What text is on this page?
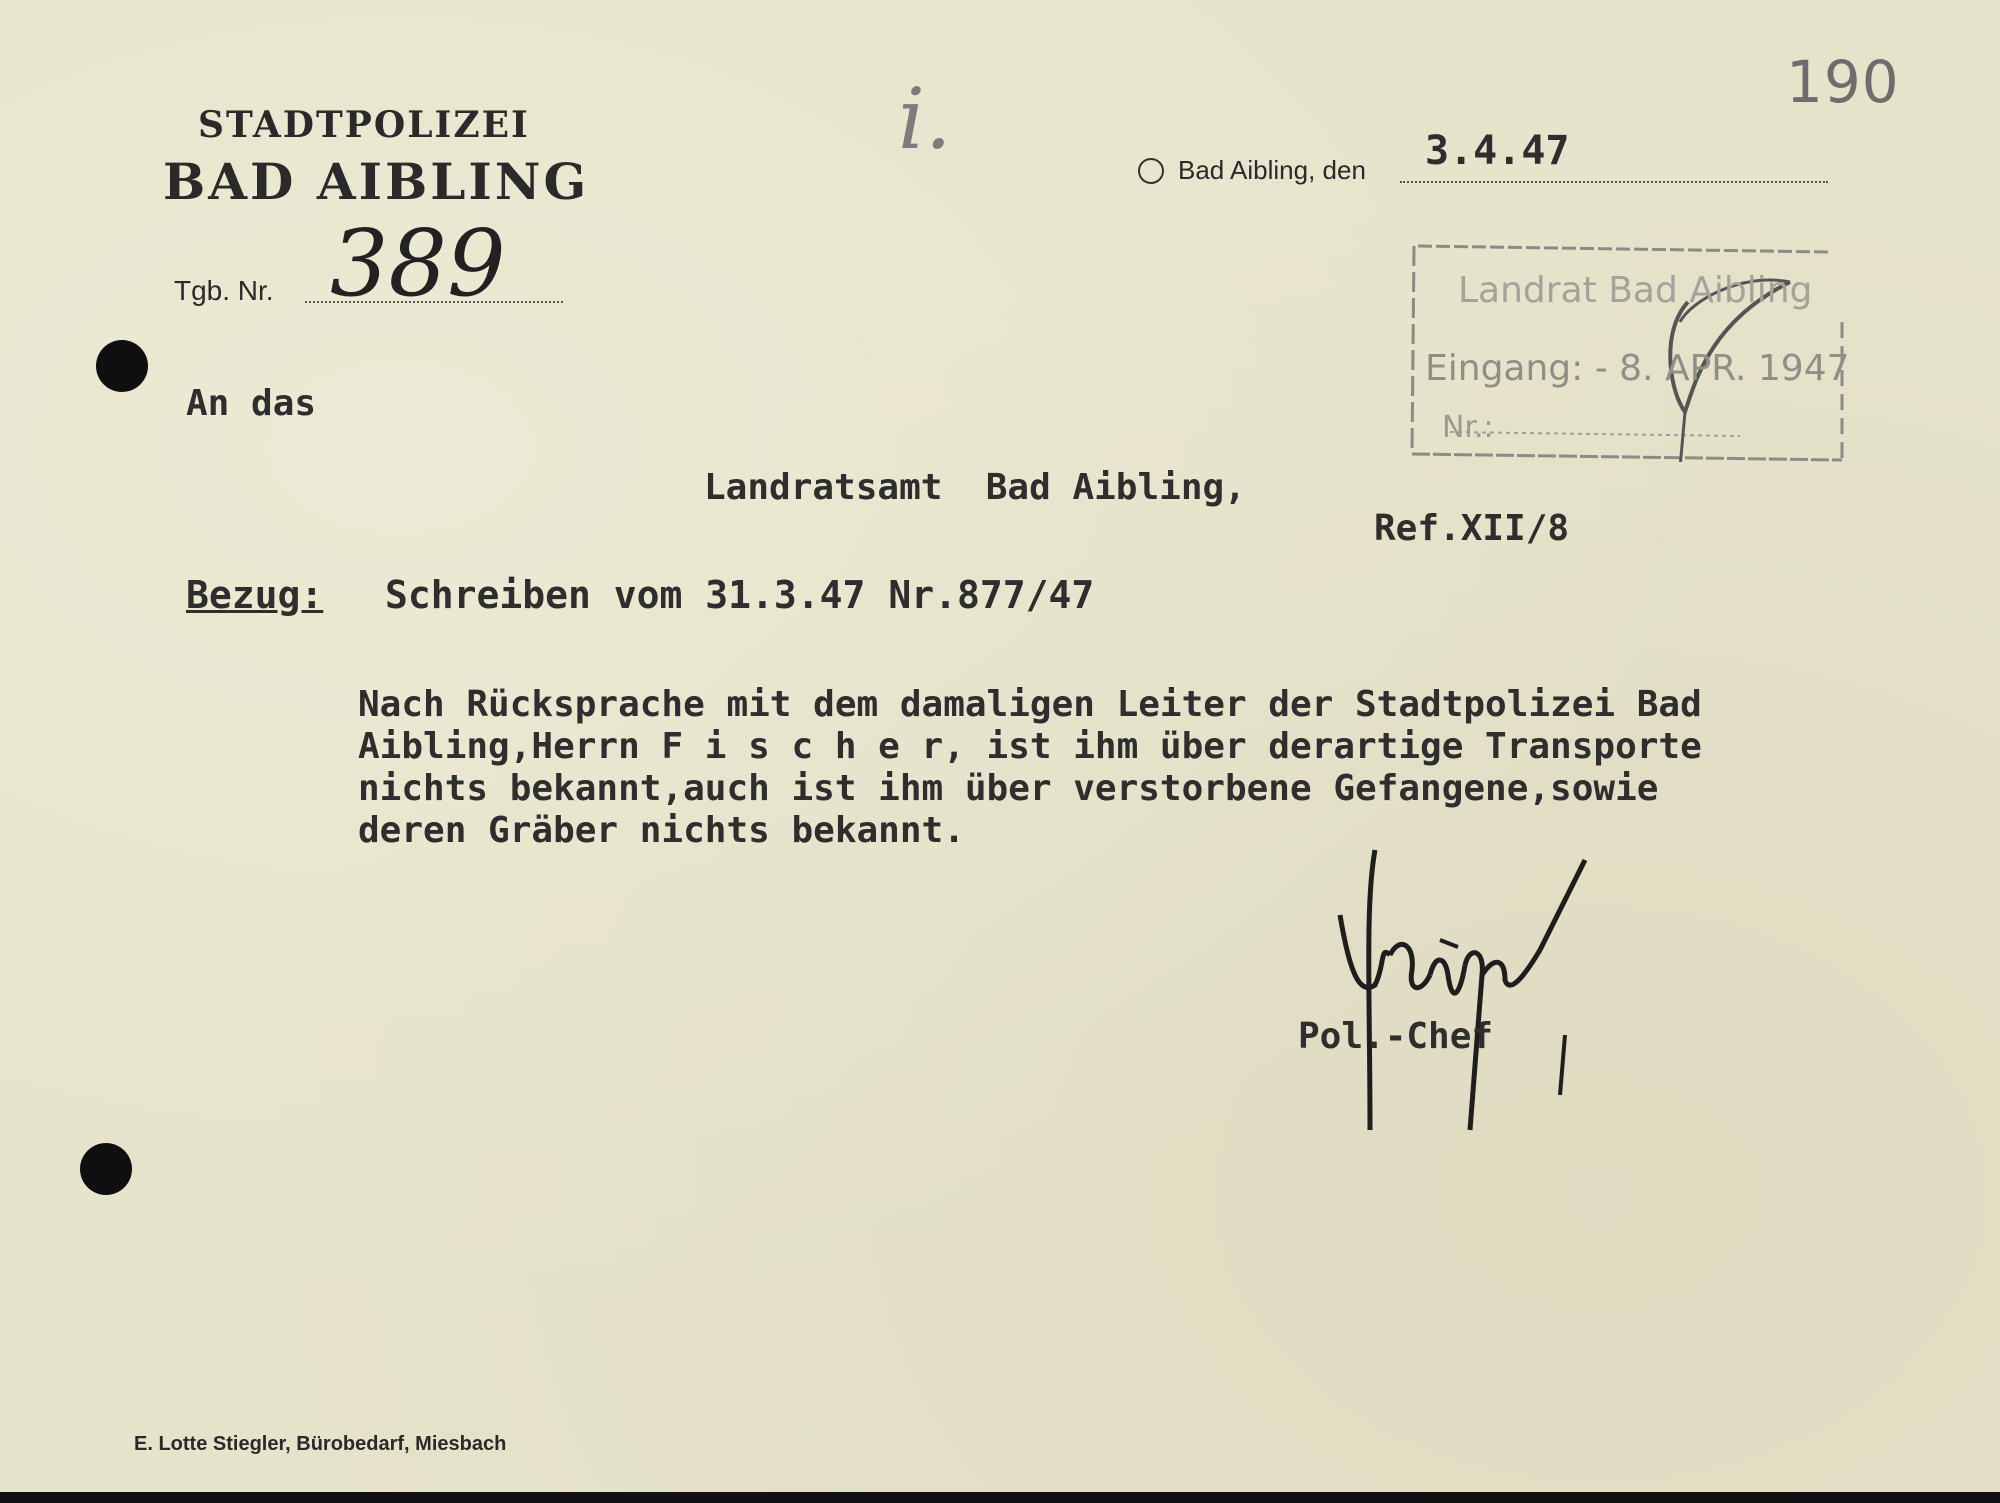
STADTPOLIZEI
BAD AIBLING
Tgb. Nr. 389
i.
Bad Aibling, den 3.4.47
190
Landrat Bad Aibling
Eingang: - 8. APR. 1947
Nr.:
An das
Landratsamt  Bad Aibling,
Ref.XII/8
Bezug: Schreiben vom 31.3.47 Nr.877/47
Nach Rücksprache mit dem damaligen Leiter der Stadtpolizei Bad
Aibling,Herrn F i s c h e r, ist ihm über derartige Transporte
nichts bekannt,auch ist ihm über verstorbene Gefangene,sowie
deren Gräber nichts bekannt.
Pol.-Chef
E. Lotte Stiegler, Bürobedarf, Miesbach
